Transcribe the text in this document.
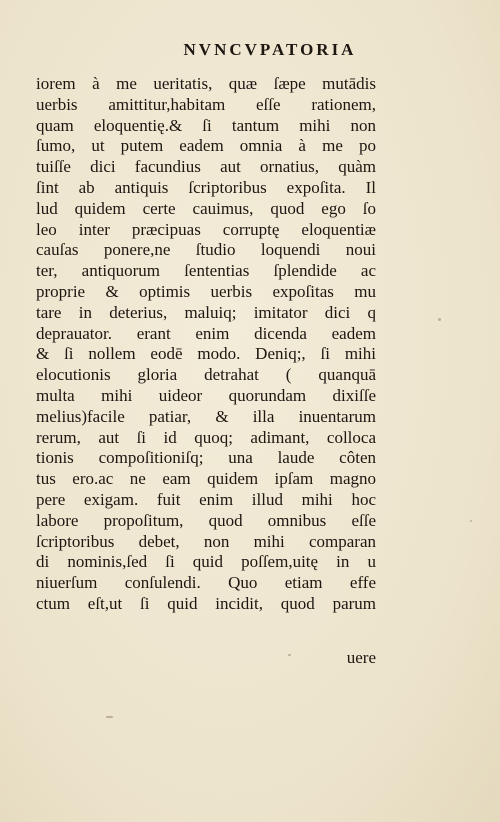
NVNCVPATORIA
iorem à me ueritatis, quæ ſæpe mutādis
uerbis amittitur,habitam eſſe rationem,
quam eloquentię.& ſi tantum mihi non
ſumo, ut putem eadem omnia à me po
tuiſſe dici facundius aut ornatius, quàm
ſint ab antiquis ſcriptoribus expoſita. Il
lud quidem certe cauimus, quod ego ſo
leo inter præcipuas corruptę eloquentiæ
cauſas ponere,ne ſtudio loquendi noui
ter, antiquorum ſententias ſplendide ac
proprie & optimis uerbis expoſitas mu
tare in deterius, maluiq; imitator dici q
deprauator. erant enim dicenda eadem
& ſi nollem eodē modo. Deniq;, ſi mihi
elocutionis gloria detrahat ( quanquā
multa mihi uideor quorundam dixiſſe
melius)facile patiar, & illa inuentarum
rerum, aut ſi id quoq; adimant, colloca
tionis compoſitioniſq; una laude côten
tus ero.ac ne eam quidem ipſam magno
pere exigam. fuit enim illud mihi hoc
labore propoſitum, quod omnibus eſſe
ſcriptoribus debet, non mihi comparan
di nominis,ſed ſi quid poſſem,uitę in u
niuerſum conſulendi. Quo etiam effe
ctum eſt,ut ſi quid incidit, quod parum
uere
